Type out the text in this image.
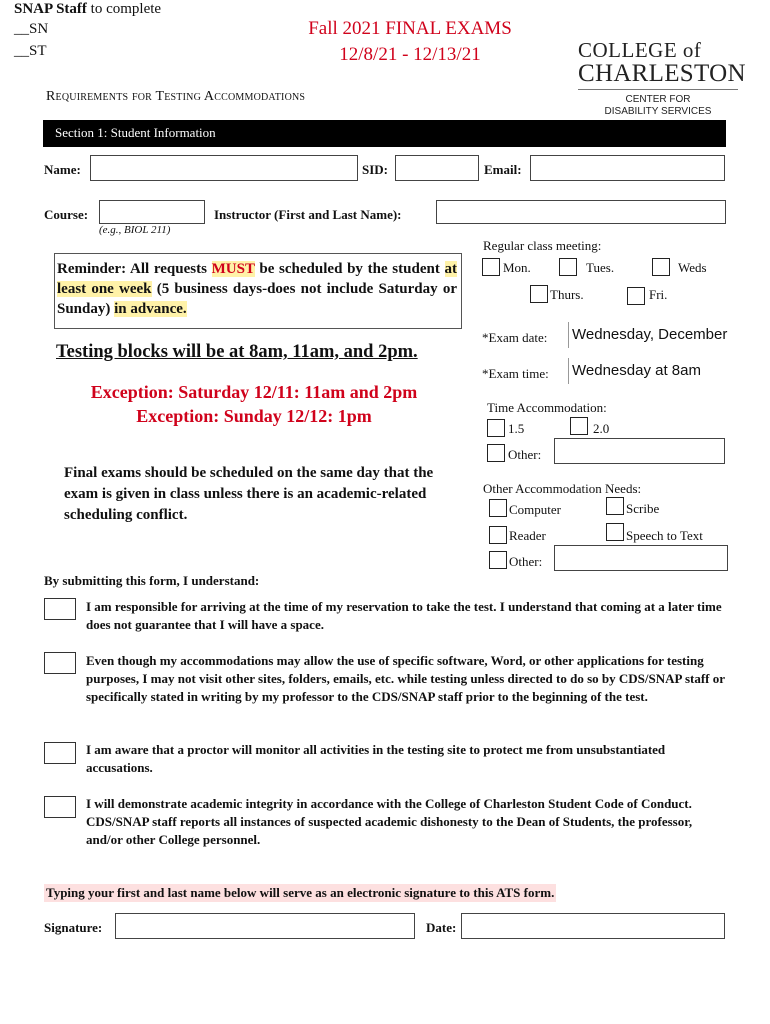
SNAP Staff to complete
__SN
__ST
Fall 2021 FINAL EXAMS
12/8/21 - 12/13/21	COLLEGE of
CHARLESTON
CENTER FOR
DISABILITY SERVICES
Requirements for Testing Accommodations
Section 1: Student Information
Name:	SID:	Email:
Course:
(e.g., BIOL 211)
Instructor (First and Last Name):
Reminder: All requests MUST be scheduled by the student at least one week (5 business days-does not include Saturday or Sunday) in advance.
Testing blocks will be at 8am, 11am, and 2pm.
Exception: Saturday 12/11: 11am and 2pm
Exception: Sunday 12/12: 1pm
Final exams should be scheduled on the same day that the exam is given in class unless there is an academic-related scheduling conflict.
Regular class meeting:
Mon.	Tues.	Weds
Thurs.	Fri.
*Exam date: Wednesday, December
*Exam time: Wednesday at 8am
Time Accommodation:
1.5	2.0
Other:
Other Accommodation Needs:
Computer	Scribe
Reader	Speech to Text
Other:
By submitting this form, I understand:
I am responsible for arriving at the time of my reservation to take the test. I understand that coming at a later time does not guarantee that I will have a space.
Even though my accommodations may allow the use of specific software, Word, or other applications for testing purposes, I may not visit other sites, folders, emails, etc. while testing unless directed to do so by CDS/SNAP staff or specifically stated in writing by my professor to the CDS/SNAP staff prior to the beginning of the test.
I am aware that a proctor will monitor all activities in the testing site to protect me from unsubstantiated accusations.
I will demonstrate academic integrity in accordance with the College of Charleston Student Code of Conduct. CDS/SNAP staff reports all instances of suspected academic dishonesty to the Dean of Students, the professor, and/or other College personnel.
Typing your first and last name below will serve as an electronic signature to this ATS form.
Signature:	Date:
